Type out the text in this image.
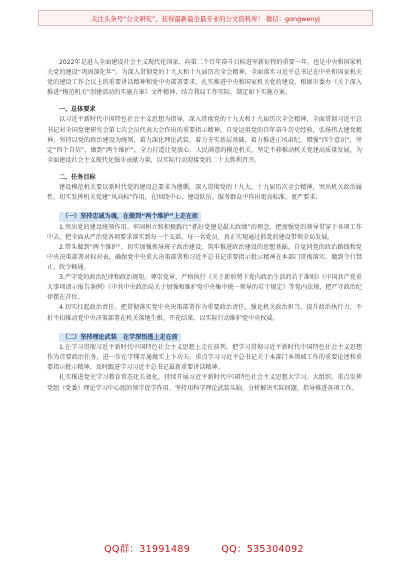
关注头条号“公文研究”，获得最新最全最专业的公文资料库！ 微信：gongwenyj

2022年是进入全面建设社会主义现代化国家、向第二个百年奋斗目标进军新征程的重要一年，也是中央和国家机关党的建设“巩固深化年”。为深入贯彻党的十九大和十九届历次全会精神，全面落实习近平总书记在中央和国家机关党的建设工作会议上的重要讲话精神和党中央部署要求，扎实推进中央和国家机关党的建设，根据市委办《关于深入推进“模范机关”创建活动的实施方案》文件精神，结合我局工作实际，制定如下实施方案。

一、总体要求

以习近平新时代中国特色社会主义思想为指导，深入贯彻党的十九大和十九届历次全会精神，全面贯彻习近平总书记对全国党建研究会第七次会员代表大会作出的重要指示精神，自觉运用党的百年奋斗历史经验，弘扬伟大建党精神，坚持以党的政治建设为统领，着力深化理论武装，着力夯实基层基础，着力推进正风肃纪，增强“四个意识”，坚定“四个自信”，做到“两个维护”，全力打造让党放心、人民满意的模范机关，坚定不移推动机关党建高质量发展，为全面建设社会主义现代化强市贡献力量，以实际行动迎接党的二十大胜利召开。

二、任务目标

建设模范机关要以新时代党的建设总要求为遵循，深入贯彻党的十九大、十九届历次全会精神，突出机关政治属性，切实发挥机关党建“风向标”作用，在围绕中心、建设队伍、服务群众中作出更高标准、更严要求。

（一）坚持忠诚为魂，在做到“两个维护”上走在前

1.突出党的建设统领作用。牢固树立和积极践行“抓好党建是最大政绩”的理念，把加强党的领导贯穿于各项工作中去，把全面从严治党各项要求落实到每一个支部、每一名党员，真正实现通过抓党的建设带领全局发展。

2.带头做到“两个维护”。切实加强领导班子政治建设，筑牢推进政治建设的思想基础，自觉同党的政治路线和党中央决策部署对标对表，确保党中央重大决策部署和习近平总书记重要指示批示精神在本部门贯彻落实，做到令行禁止、政令畅通。

3.严守党的政治纪律和政治规矩。尊崇党章，严格执行《关于新形势下党内政治生活的若干准则》《中国共产党重大事项请示报告条例》《中共中央政治局关于加强和维护党中央集中统一领导的若干规定》等党内法规，把严守政治纪律摆在首位。

4.切实扛起政治责任。把贯彻落实党中央决策部署作为重要政治责任，强化机关政治担当，提升政治执行力，不折不扣推动党中央决策部署在机关落地生根、开花结果，以实际行动维护党中央权威。

（二）坚持理论武装　在学深悟透上走在前

1.在学习贯彻习近平新时代中国特色社会主义思想上走在前列。把学习贯彻习近平新时代中国特色社会主义思想作为首要政治任务，进一步在学懂弄通做实上下功夫。重点学习习近平总书记关于本部门本领域工作的重要论述和重要指示批示精神，及时跟进学习习近平总书记最新重要讲话精神。

扎实推进党史学习教育常态化长效化，持续开展习近平新时代中国特色社会主义思想大学习。大组织、重点发挥党组（党委）理论学习中心组的领学促学作用，坚持用科学理论武装头脑，分析解决实际问题，指导推进各项工作。

QQ群：31991489	QQ：535304092
